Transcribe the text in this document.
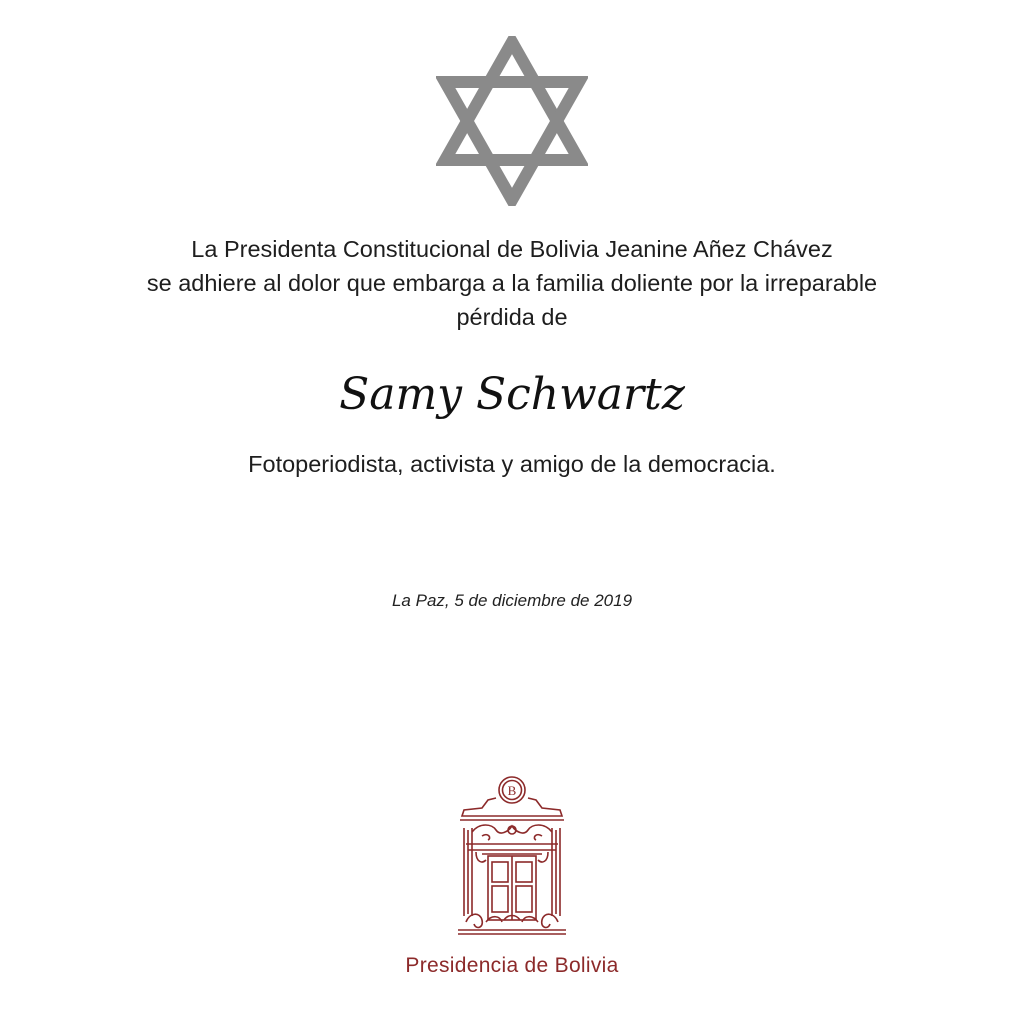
La Presidenta Constitucional de Bolivia Jeanine Añez Chávez
se adhiere al dolor que embarga a la familia doliente por la irreparable
pérdida de
Samy Schwartz
Fotoperiodista, activista y amigo de la democracia.
La Paz, 5 de diciembre de 2019
B
Presidencia de Bolivia
